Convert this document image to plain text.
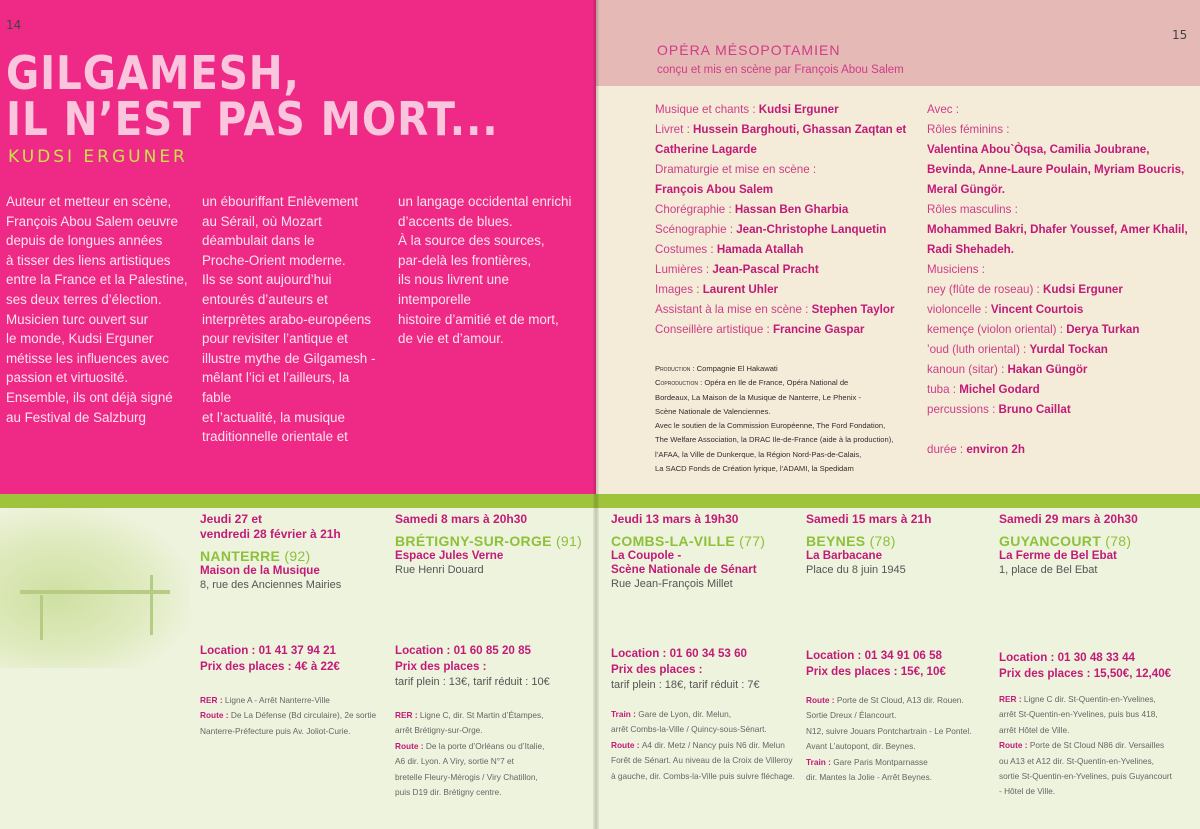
14
GILGAMESH,
IL N’EST PAS MORT...
KUDSI ERGUNER

Auteur et metteur en scène,
François Abou Salem oeuvre
depuis de longues années
à tisser des liens artistiques
entre la France et la Palestine,
ses deux terres d’élection.
Musicien turc ouvert sur
le monde, Kudsi Erguner
métisse les influences avec
passion et virtuosité.
Ensemble, ils ont déjà signé
au Festival de Salzburg

un ébouriffant Enlèvement
au Sérail, où Mozart
déambulait dans le
Proche-Orient moderne.
Ils se sont aujourd’hui
entourés d’auteurs et
interprètes arabo-européens
pour revisiter l’antique et
illustre mythe de Gilgamesh -
mêlant l’ici et l’ailleurs, la fable
et l’actualité, la musique
traditionnelle orientale et

un langage occidental enrichi
d’accents de blues.
À la source des sources,
par-delà les frontières,
ils nous livrent une intemporelle
histoire d’amitié et de mort,
de vie et d’amour.

15
OPÉRA MÉSOPOTAMIEN
conçu et mis en scène par François Abou Salem
Musique et chants : Kudsi Erguner
Livret : Hussein Barghouti, Ghassan Zaqtan et
Catherine Lagarde
Dramaturgie et mise en scène :
François Abou Salem
Chorégraphie : Hassan Ben Gharbia
Scénographie : Jean-Christophe Lanquetin
Costumes : Hamada Atallah
Lumières : Jean-Pascal Pracht
Images : Laurent Uhler
Assistant à la mise en scène : Stephen Taylor
Conseillère artistique : Francine Gaspar
Avec :
Rôles féminins :
Valentina Abou`Òqsa, Camilia Joubrane,
Bevinda, Anne-Laure Poulain, Myriam Boucris,
Meral Güngör.
Rôles masculins :
Mohammed Bakri, Dhafer Youssef, Amer Khalil,
Radi Shehadeh.
Musiciens :
ney (flûte de roseau) : Kudsi Erguner
violoncelle : Vincent Courtois
kemençe (violon oriental) : Derya Turkan
’oud (luth oriental) : Yurdal Tockan
kanoun (sitar) : Hakan Güngör
tuba : Michel Godard
percussions : Bruno Caillat

durée : environ 2h
Production : Compagnie El Hakawati
Coproduction : Opéra en Ile de France, Opéra National de
Bordeaux, La Maison de la Musique de Nanterre, Le Phenix -
Scène Nationale de Valenciennes.
Avec le soutien de la Commission Européenne, The Ford Fondation,
The Welfare Association, la DRAC Ile-de-France (aide à la production),
l’AFAA, la Ville de Dunkerque, la Région Nord-Pas-de-Calais,
La SACD Fonds de Création lyrique, l’ADAMI, la Spedidam
Jeudi 27 et
vendredi 28 février à 21h
NANTERRE (92)
Maison de la Musique
8, rue des Anciennes Mairies
Location : 01 41 37 94 21
Prix des places : 4€ à 22€
RER : Ligne A - Arrêt Nanterre-Ville
Route : De La Défense (Bd circulaire), 2e sortie
Nanterre-Préfecture puis Av. Joliot-Curie.
Samedi 8 mars à 20h30
BRÉTIGNY-SUR-ORGE (91)
Espace Jules Verne
Rue Henri Douard
Location : 01 60 85 20 85
Prix des places :
tarif plein : 13€, tarif réduit : 10€
RER : Ligne C, dir. St Martin d’Étampes,
arrêt Brétigny-sur-Orge.
Route : De la porte d’Orléans ou d’Italie,
A6 dir. Lyon. A Viry, sortie N°7 et
bretelle Fleury-Mérogis / Viry Chatillon,
puis D19 dir. Brétigny centre.
Jeudi 13 mars à 19h30
COMBS-LA-VILLE (77)
La Coupole -
Scène Nationale de Sénart
Rue Jean-François Millet
Location : 01 60 34 53 60
Prix des places :
tarif plein : 18€, tarif réduit : 7€
Train : Gare de Lyon, dir. Melun,
arrêt Combs-la-Ville / Quincy-sous-Sénart.
Route : A4 dir. Metz / Nancy puis N6 dir. Melun
Forêt de Sénart. Au niveau de la Croix de Villeroy
à gauche, dir. Combs-la-Ville puis suivre fléchage.
Samedi 15 mars à 21h
BEYNES (78)
La Barbacane
Place du 8 juin 1945
Location : 01 34 91 06 58
Prix des places : 15€, 10€
Route : Porte de St Cloud, A13 dir. Rouen.
Sortie Dreux / Élancourt.
N12, suivre Jouars Pontchartrain - Le Pontel.
Avant L’autopont, dir. Beynes.
Train : Gare Paris Montparnasse
dir. Mantes la Jolie - Arrêt Beynes.
Samedi 29 mars à 20h30
GUYANCOURT (78)
La Ferme de Bel Ebat
1, place de Bel Ebat
Location : 01 30 48 33 44
Prix des places : 15,50€, 12,40€
RER : Ligne C dir. St-Quentin-en-Yvelines,
arrêt St-Quentin-en-Yvelines, puis bus 418,
arrêt Hôtel de Ville.
Route : Porte de St Cloud N86 dir. Versailles
ou A13 et A12 dir. St-Quentin-en-Yvelines,
sortie St-Quentin-en-Yvelines, puis Guyancourt
- Hôtel de Ville.
